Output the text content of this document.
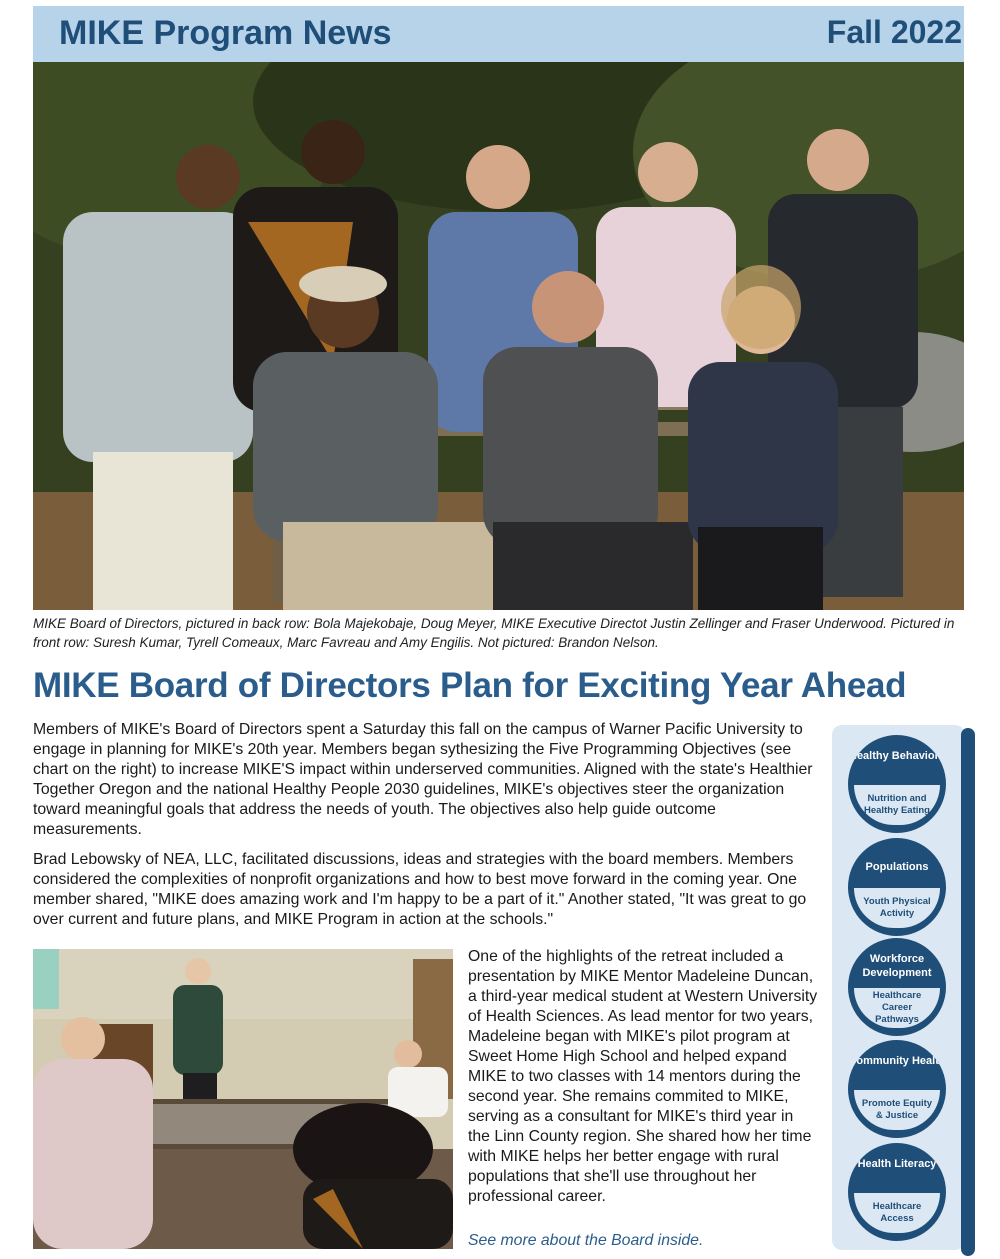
MIKE Program News	Fall 2022
MIKE Board of Directors, pictured in back row: Bola Majekobaje, Doug Meyer, MIKE Executive Directot Justin Zellinger and Fraser Underwood. Pictured in front row: Suresh Kumar, Tyrell Comeaux, Marc Favreau and Amy Engilis. Not pictured: Brandon Nelson.
MIKE Board of Directors Plan for Exciting Year Ahead

Members of MIKE's Board of Directors spent a Saturday this fall on the campus of Warner Pacific University to engage in planning for MIKE's 20th year. Members began sythesizing the Five Programming Objectives (see chart on the right) to increase MIKE'S impact within underserved communities. Aligned with the state's Healthier Together Oregon and the national Healthy People 2030 guidelines, MIKE's objectives steer the organization toward meaningful goals that address the needs of youth. The objectives also help guide outcome measurements.

Brad Lebowsky of NEA, LLC, facilitated discussions, ideas and strategies with the board members. Members considered the complexities of nonprofit organizations and how to best move forward in the coming year. One member shared, "MIKE does amazing work and I'm happy to be a part of it." Another stated, "It was great to go over current and future plans, and MIKE Program in action at the schools."

One of the highlights of the retreat included a presentation by MIKE Mentor Madeleine Duncan, a third-year medical student at Western University of Health Sciences. As lead mentor for two years, Madeleine began with MIKE's pilot program at Sweet Home High School and helped expand MIKE to two classes with 14 mentors during the second year. She remains commited to MIKE, serving as a consultant for MIKE's third year in the Linn County region. She shared how her time with MIKE helps her better engage with rural populations that she'll use throughout her professional career.

See more about the Board inside.
Healthy Behaviors
Nutrition and Healthy Eating
Populations
Youth Physical Activity
Workforce Development
Healthcare Career Pathways
Community Health
Promote Equity & Justice
Health Literacy
Healthcare Access
